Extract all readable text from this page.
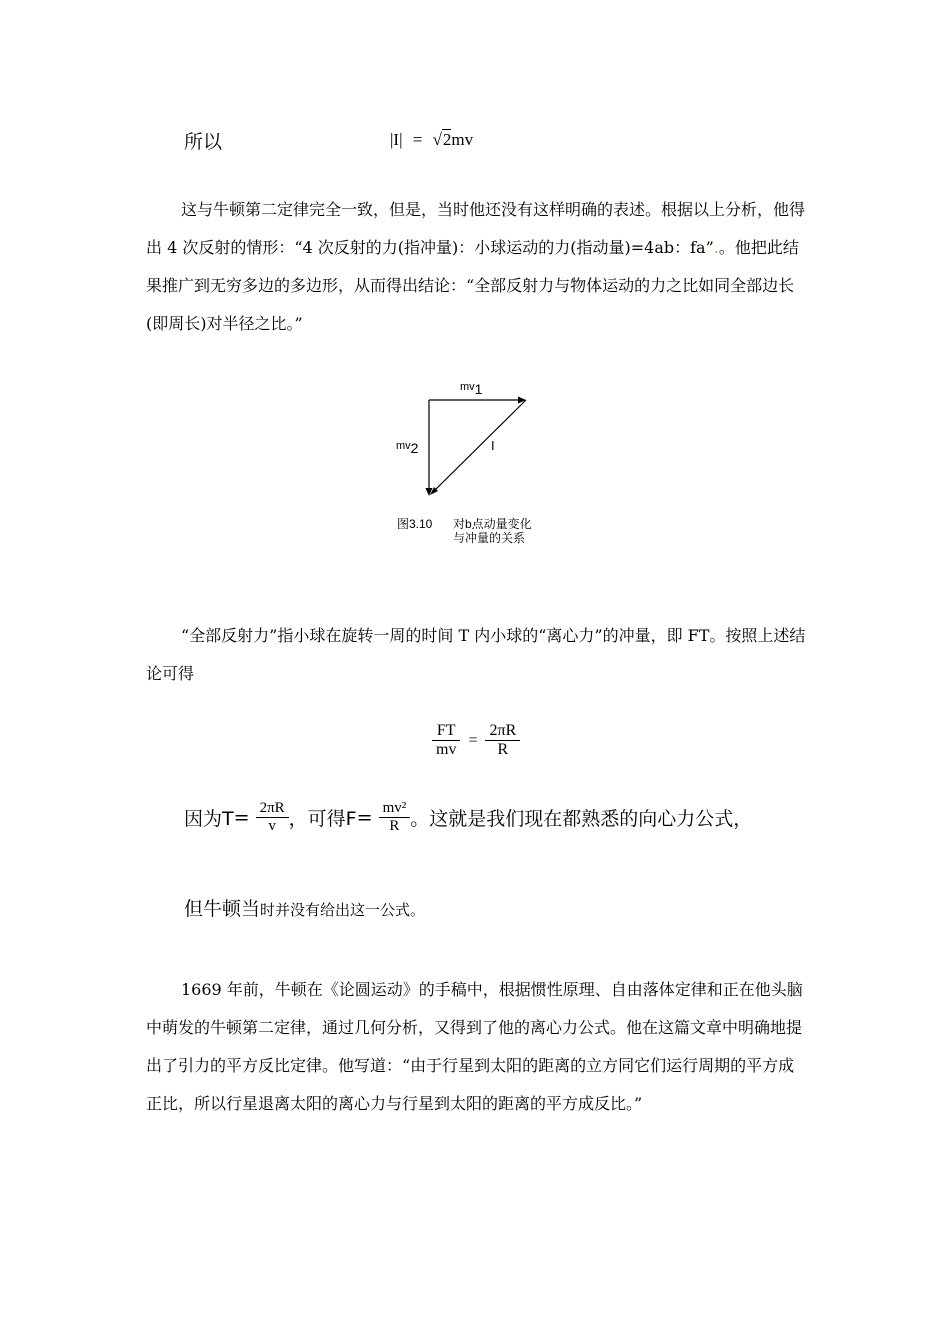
所以	|I| = √2mv
这与牛顿第二定律完全一致，但是，当时他还没有这样明确的表述。根据以上分析，他得出 4 次反射的情形：“4 次反射的力(指冲量)：小球运动的力(指动量)=4ab：fa”.。他把此结果推广到无穷多边的多边形，从而得出结论：“全部反射力与物体运动的力之比如同全部边长(即周长)对半径之比。”
mv1
mv2	I
图3.10 对b点动量变化
与冲量的关系
“全部反射力”指小球在旋转一周的时间 T 内小球的“离心力”的冲量，即 FT。按照上述结论可得
$\frac{FT}{mv} = \frac{2\pi R}{R}$
因为$T= \frac{2\pi R}{v}$ ，可得$F= \frac{\text{mv²}}{R}$ 。这就是我们现在都熟悉的向心力公式，
但牛顿当时并没有给出这一公式。
1669 年前，牛顿在《论圆运动》的手稿中，根据惯性原理、自由落体定律和正在他头脑中萌发的牛顿第二定律，通过几何分析，又得到了他的离心力公式。他在这篇文章中明确地提出了引力的平方反比定律。他写道：“由于行星到太阳的距离的立方同它们运行周期的平方成正比，所以行星退离太阳的离心力与行星到太阳的距离的平方成反比。”
